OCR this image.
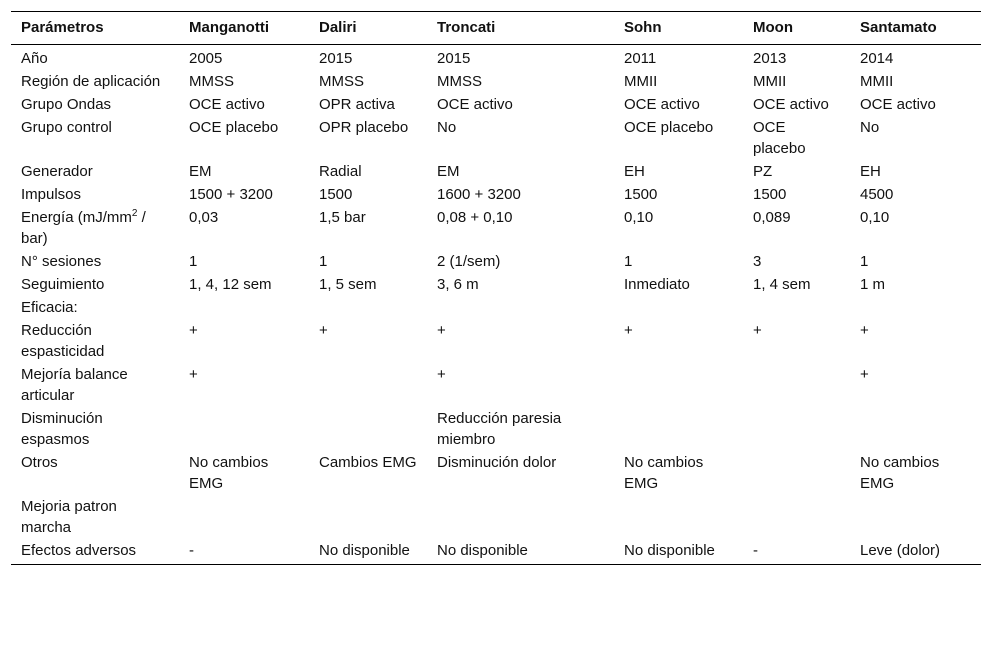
Parámetros	Manganotti	Daliri	Troncati	Sohn	Moon	Santamato
Año	2005	2015	2015	2011	2013	2014
Región de aplicación	MMSS	MMSS	MMSS	MMII	MMII	MMII
Grupo Ondas	OCE activo	OPR activa	OCE activo	OCE activo	OCE activo	OCE activo
Grupo control	OCE placebo	OPR placebo	No	OCE placebo	OCE placebo	No
Generador	EM	Radial	EM	EH	PZ	EH
Impulsos	1500 + 3200	1500	1600 + 3200	1500	1500	4500
Energía $(mJ/mm^2 / bar)$	0,03	1,5 bar	0,08 + 0,10	0,10	0,089	0,10
N° sesiones	1	1	2 (1/sem)	1	3	1
Seguimiento	1, 4, 12 sem	1, 5 sem	3, 6 m	Inmediato	1, 4 sem	1 m
Eficacia:						
Reducción espasticidad	+	+	+	+	+	+
Mejoría balance articular	+		+			+
Disminución espasmos			Reducción paresia miembro			
Otros	No cambios EMG	Cambios EMG	Disminución dolor	No cambios EMG		No cambios EMG
Mejoria patron marcha						
Efectos adversos	-	No disponible	No disponible	No disponible	-	Leve (dolor)
